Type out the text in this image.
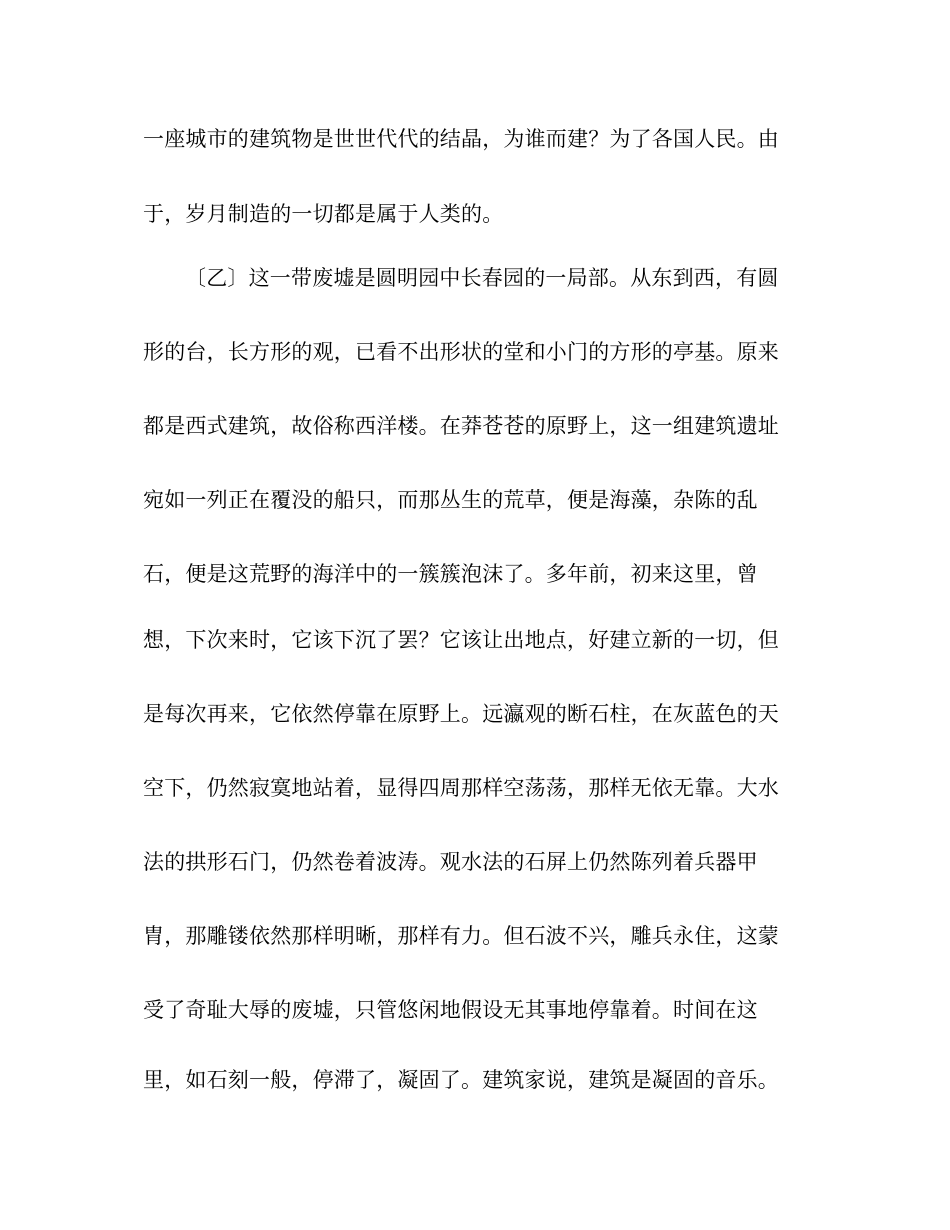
一座城市的建筑物是世世代代的结晶，为谁而建？为了各国人民。由

于，岁月制造的一切都是属于人类的。

〔乙〕这一带废墟是圆明园中长春园的一局部。从东到西，有圆

形的台，长方形的观，已看不出形状的堂和小门的方形的亭基。原来

都是西式建筑，故俗称西洋楼。在莽苍苍的原野上，这一组建筑遗址

宛如一列正在覆没的船只，而那丛生的荒草，便是海藻，杂陈的乱

石，便是这荒野的海洋中的一簇簇泡沫了。多年前，初来这里，曾

想，下次来时，它该下沉了罢？它该让出地点，好建立新的一切，但

是每次再来，它依然停靠在原野上。远瀛观的断石柱，在灰蓝色的天

空下，仍然寂寞地站着，显得四周那样空荡荡，那样无依无靠。大水

法的拱形石门，仍然卷着波涛。观水法的石屏上仍然陈列着兵器甲

胄，那雕镂依然那样明晰，那样有力。但石波不兴，雕兵永住，这蒙

受了奇耻大辱的废墟，只管悠闲地假设无其事地停靠着。时间在这

里，如石刻一般，停滞了，凝固了。建筑家说，建筑是凝固的音乐。
